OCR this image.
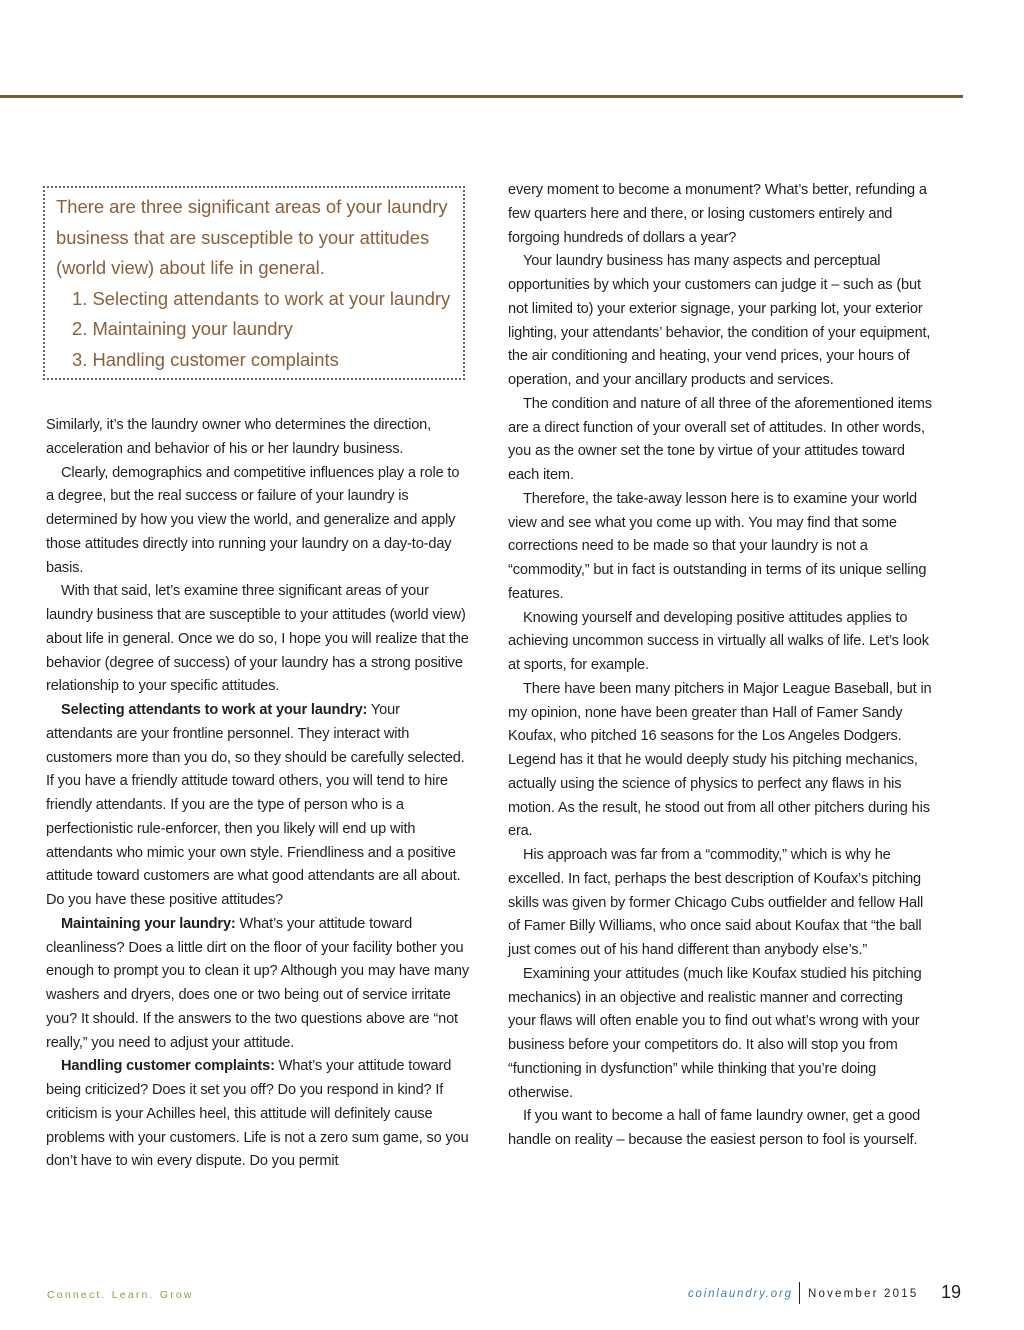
There are three significant areas of your laundry business that are susceptible to your attitudes (world view) about life in general.

1. Selecting attendants to work at your laundry
2. Maintaining your laundry
3. Handling customer complaints

Similarly, it’s the laundry owner who determines the direction, acceleration and behavior of his or her laundry business.

Clearly, demographics and competitive influences play a role to a degree, but the real success or failure of your laundry is determined by how you view the world, and generalize and apply those attitudes directly into running your laundry on a day-to-day basis.

With that said, let’s examine three significant areas of your laundry business that are susceptible to your attitudes (world view) about life in general. Once we do so, I hope you will realize that the behavior (degree of success) of your laundry has a strong positive relationship to your specific attitudes.

Selecting attendants to work at your laundry: Your attendants are your frontline personnel. They interact with customers more than you do, so they should be carefully selected. If you have a friendly attitude toward others, you will tend to hire friendly attendants. If you are the type of person who is a perfectionistic rule-enforcer, then you likely will end up with attendants who mimic your own style. Friendliness and a positive attitude toward customers are what good attendants are all about. Do you have these positive attitudes?

Maintaining your laundry: What’s your attitude toward cleanliness? Does a little dirt on the floor of your facility bother you enough to prompt you to clean it up? Although you may have many washers and dryers, does one or two being out of service irritate you? It should. If the answers to the two questions above are “not really,” you need to adjust your attitude.

Handling customer complaints: What’s your attitude toward being criticized? Does it set you off? Do you respond in kind? If criticism is your Achilles heel, this attitude will definitely cause problems with your customers. Life is not a zero sum game, so you don’t have to win every dispute. Do you permit

every moment to become a monument? What’s better, refunding a few quarters here and there, or losing customers entirely and forgoing hundreds of dollars a year?

Your laundry business has many aspects and perceptual opportunities by which your customers can judge it – such as (but not limited to) your exterior signage, your parking lot, your exterior lighting, your attendants’ behavior, the condition of your equipment, the air conditioning and heating, your vend prices, your hours of operation, and your ancillary products and services.

The condition and nature of all three of the aforementioned items are a direct function of your overall set of attitudes. In other words, you as the owner set the tone by virtue of your attitudes toward each item.

Therefore, the take-away lesson here is to examine your world view and see what you come up with. You may find that some corrections need to be made so that your laundry is not a “commodity,” but in fact is outstanding in terms of its unique selling features.

Knowing yourself and developing positive attitudes applies to achieving uncommon success in virtually all walks of life. Let’s look at sports, for example.

There have been many pitchers in Major League Baseball, but in my opinion, none have been greater than Hall of Famer Sandy Koufax, who pitched 16 seasons for the Los Angeles Dodgers. Legend has it that he would deeply study his pitching mechanics, actually using the science of physics to perfect any flaws in his motion. As the result, he stood out from all other pitchers during his era.

His approach was far from a “commodity,” which is why he excelled. In fact, perhaps the best description of Koufax’s pitching skills was given by former Chicago Cubs outfielder and fellow Hall of Famer Billy Williams, who once said about Koufax that “the ball just comes out of his hand different than anybody else’s.”

Examining your attitudes (much like Koufax studied his pitching mechanics) in an objective and realistic manner and correcting your flaws will often enable you to find out what’s wrong with your business before your competitors do. It also will stop you from “functioning in dysfunction” while thinking that you’re doing otherwise.

If you want to become a hall of fame laundry owner, get a good handle on reality – because the easiest person to fool is yourself.

Connect. Learn. Grow	coinlaundry.org November 2015 19
